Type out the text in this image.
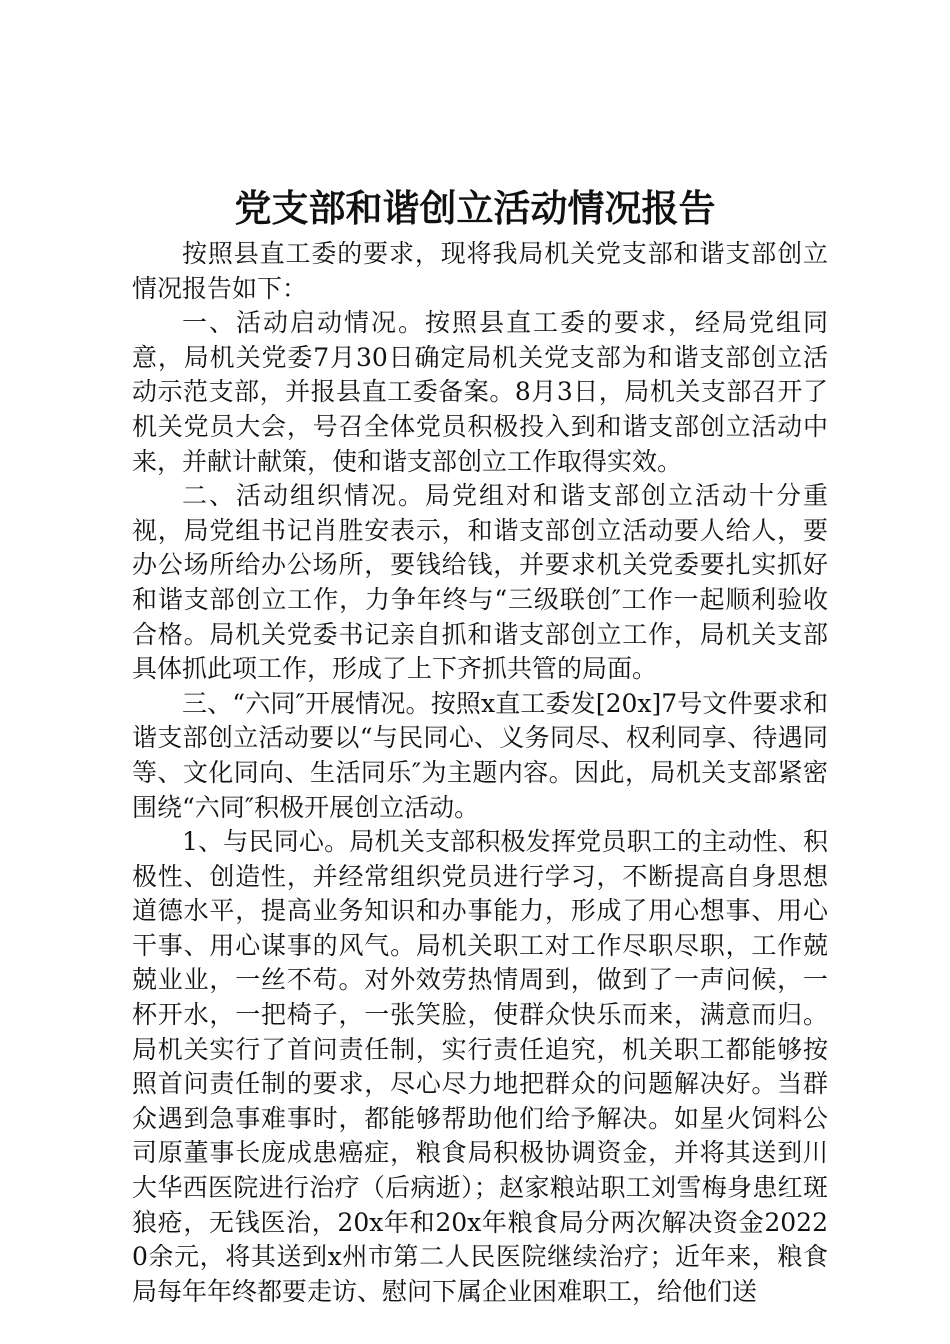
党支部和谐创立活动情况报告

按照县直工委的要求，现将我局机关党支部和谐支部创立情况报告如下：

一、活动启动情况。按照县直工委的要求，经局党组同意，局机关党委7月30日确定局机关党支部为和谐支部创立活动示范支部，并报县直工委备案。8月3日，局机关支部召开了机关党员大会，号召全体党员积极投入到和谐支部创立活动中来，并献计献策，使和谐支部创立工作取得实效。

二、活动组织情况。局党组对和谐支部创立活动十分重视，局党组书记肖胜安表示，和谐支部创立活动要人给人，要办公场所给办公场所，要钱给钱，并要求机关党委要扎实抓好和谐支部创立工作，力争年终与“三级联创″工作一起顺利验收合格。局机关党委书记亲自抓和谐支部创立工作，局机关支部具体抓此项工作，形成了上下齐抓共管的局面。

三、“六同″开展情况。按照x直工委发[20x]7号文件要求和谐支部创立活动要以“与民同心、义务同尽、权利同享、待遇同等、文化同向、生活同乐″为主题内容。因此，局机关支部紧密围绕“六同″积极开展创立活动。

1、与民同心。局机关支部积极发挥党员职工的主动性、积极性、创造性，并经常组织党员进行学习，不断提高自身思想道德水平，提高业务知识和办事能力，形成了用心想事、用心干事、用心谋事的风气。局机关职工对工作尽职尽职，工作兢兢业业，一丝不苟。对外效劳热情周到，做到了一声问候，一杯开水，一把椅子，一张笑脸，使群众快乐而来，满意而归。局机关实行了首问责任制，实行责任追究，机关职工都能够按照首问责任制的要求，尽心尽力地把群众的问题解决好。当群众遇到急事难事时，都能够帮助他们给予解决。如星火饲料公司原董事长庞成患癌症，粮食局积极协调资金，并将其送到川大华西医院进行治疗（后病逝）；赵家粮站职工刘雪梅身患红斑狼疮，无钱医治，20x年和20x年粮食局分两次解决资金20220余元，将其送到x州市第二人民医院继续治疗；近年来，粮食局每年年终都要走访、慰问下属企业困难职工，给他们送
